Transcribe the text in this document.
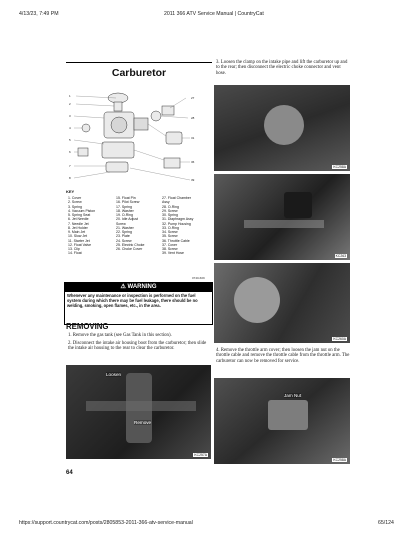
4/13/23, 7:49 PM	2011 366 ATV Service Manual | CountryCat
Carburetor
1
2
3
4
5
6
7
8
27
28
31
36
39
KEY
1. Cover
2. Screw
3. Spring
4. Vacuum Piston
5. Spring Seat
6. Jet Needle
7. Needle Jet
8. Jet Holder
9. Main Jet
10. Slow Jet
11. Starter Jet
12. Float Valve
13. Clip
14. Float
15. Float Pin
16. Pilot Screw
17. Spring
18. Washer
19. O-Ring
20. Idle Adjust
Screw
21. Washer
22. Spring
23. Plate
24. Screw
25. Electric Choke
26. Choke Cover
27. Float Chamber
Assy
28. O-Ring
29. Screw
30. Spring
31. Diaphragm Assy
32. Pump Housing
33. O-Ring
34. Screw
35. Screw
36. Throttle Cable
37. Cover
38. Screw
39. Vent Hose
0740-609
⚠ WARNING
Whenever any maintenance or inspection is performed on the fuel system during which there may be fuel leakage, there should be no welding, smoking, open flames, etc., in the area.
REMOVING
1. Remove the gas tank (see Gas Tank in this section).
2. Disconnect the intake air housing boot from the carburetor; then slide the intake air housing to the rear to clear the carburetor.
Loosen
Remove
KC257A
64
3. Loosen the clamp on the intake pipe and lift the carburetor up and to the rear; then disconnect the electric choke connector and vent hose.
KC258A
KC263
KC260A
4. Remove the throttle arm cover; then loosen the jam nut on the throttle cable and remove the throttle cable from the throttle arm. The carburetor can now be removed for service.
Jam Nut
KC258A
https://support.countrycat.com/posts/2805853-2011-366-atv-service-manual	65/124
